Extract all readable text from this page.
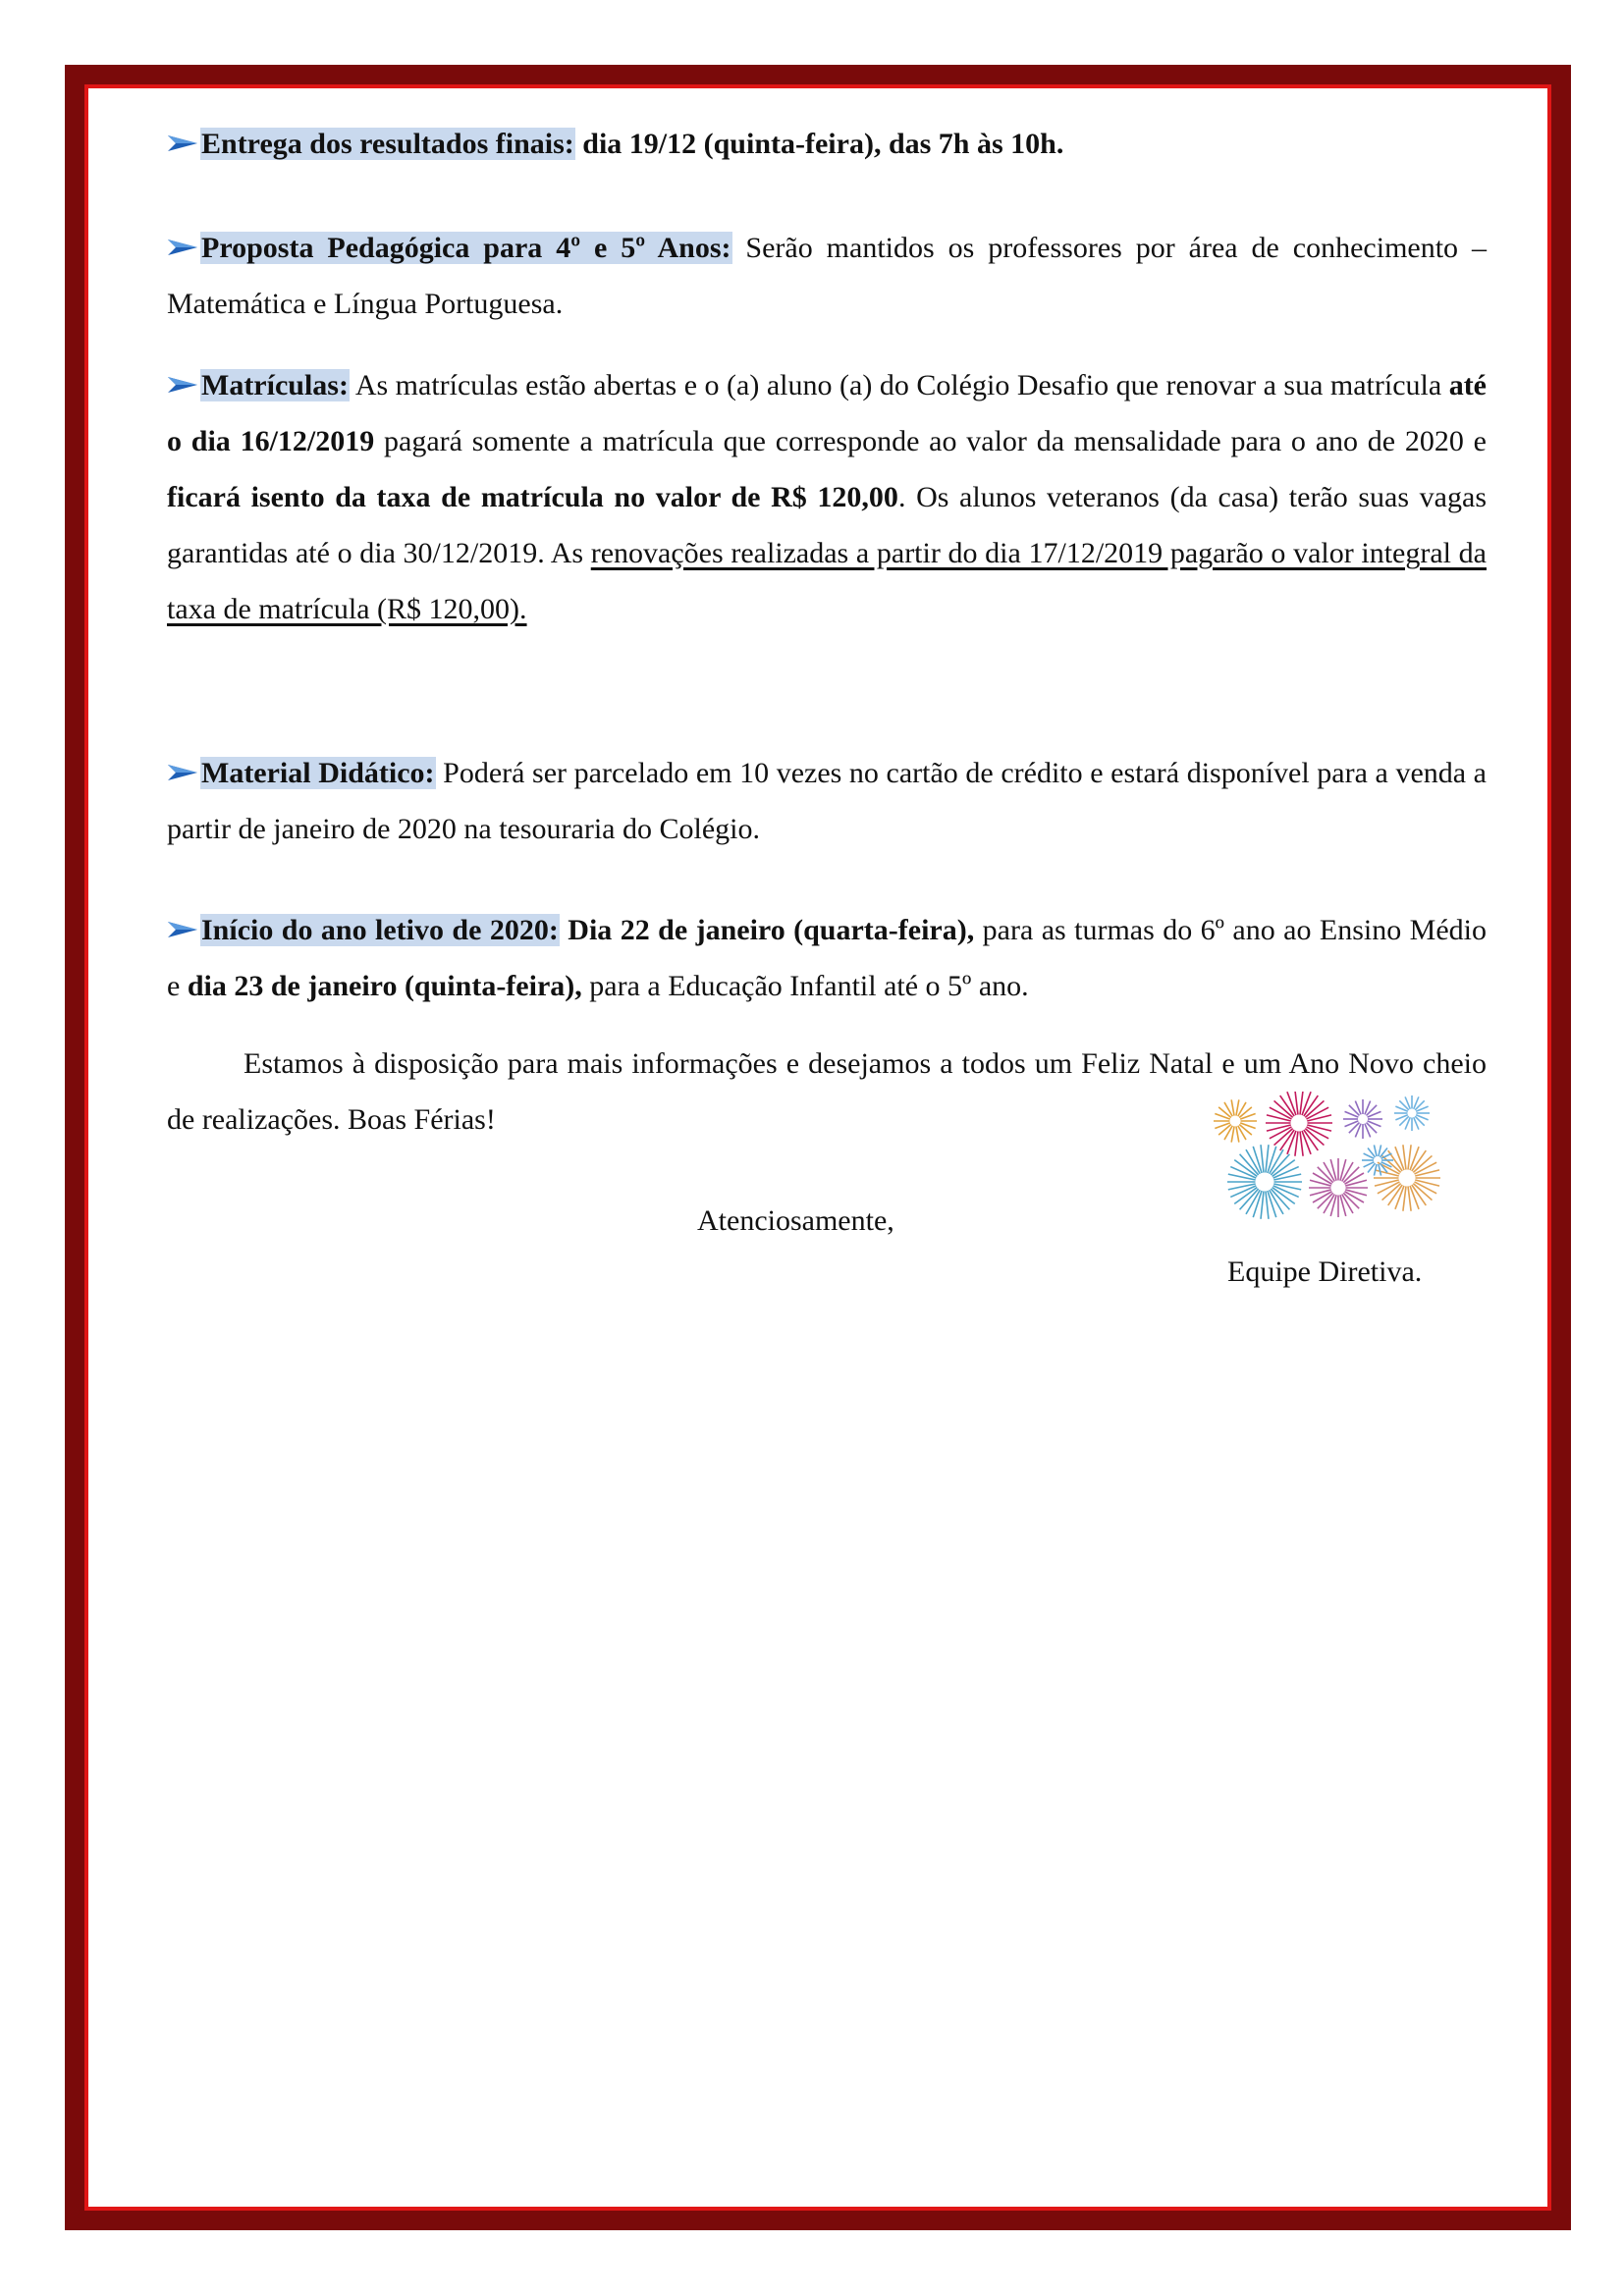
Entrega dos resultados finais: dia 19/12 (quinta-feira), das 7h às 10h.

Proposta Pedagógica para 4º e 5º Anos: Serão mantidos os professores por área de conhecimento – Matemática e Língua Portuguesa.

Matrículas: As matrículas estão abertas e o (a) aluno (a) do Colégio Desafio que renovar a sua matrícula até o dia 16/12/2019 pagará somente a matrícula que corresponde ao valor da mensalidade para o ano de 2020 e ficará isento da taxa de matrícula no valor de R$ 120,00. Os alunos veteranos (da casa) terão suas vagas garantidas até o dia 30/12/2019. As renovações realizadas a partir do dia 17/12/2019 pagarão o valor integral da taxa de matrícula (R$ 120,00).

Material Didático: Poderá ser parcelado em 10 vezes no cartão de crédito e estará disponível para a venda a partir de janeiro de 2020 na tesouraria do Colégio.

Início do ano letivo de 2020: Dia 22 de janeiro (quarta-feira), para as turmas do 6º ano ao Ensino Médio e dia 23 de janeiro (quinta-feira), para a Educação Infantil até o 5º ano.

Estamos à disposição para mais informações e desejamos a todos um Feliz Natal e um Ano Novo cheio de realizações. Boas Férias!

Atenciosamente,
Equipe Diretiva.
